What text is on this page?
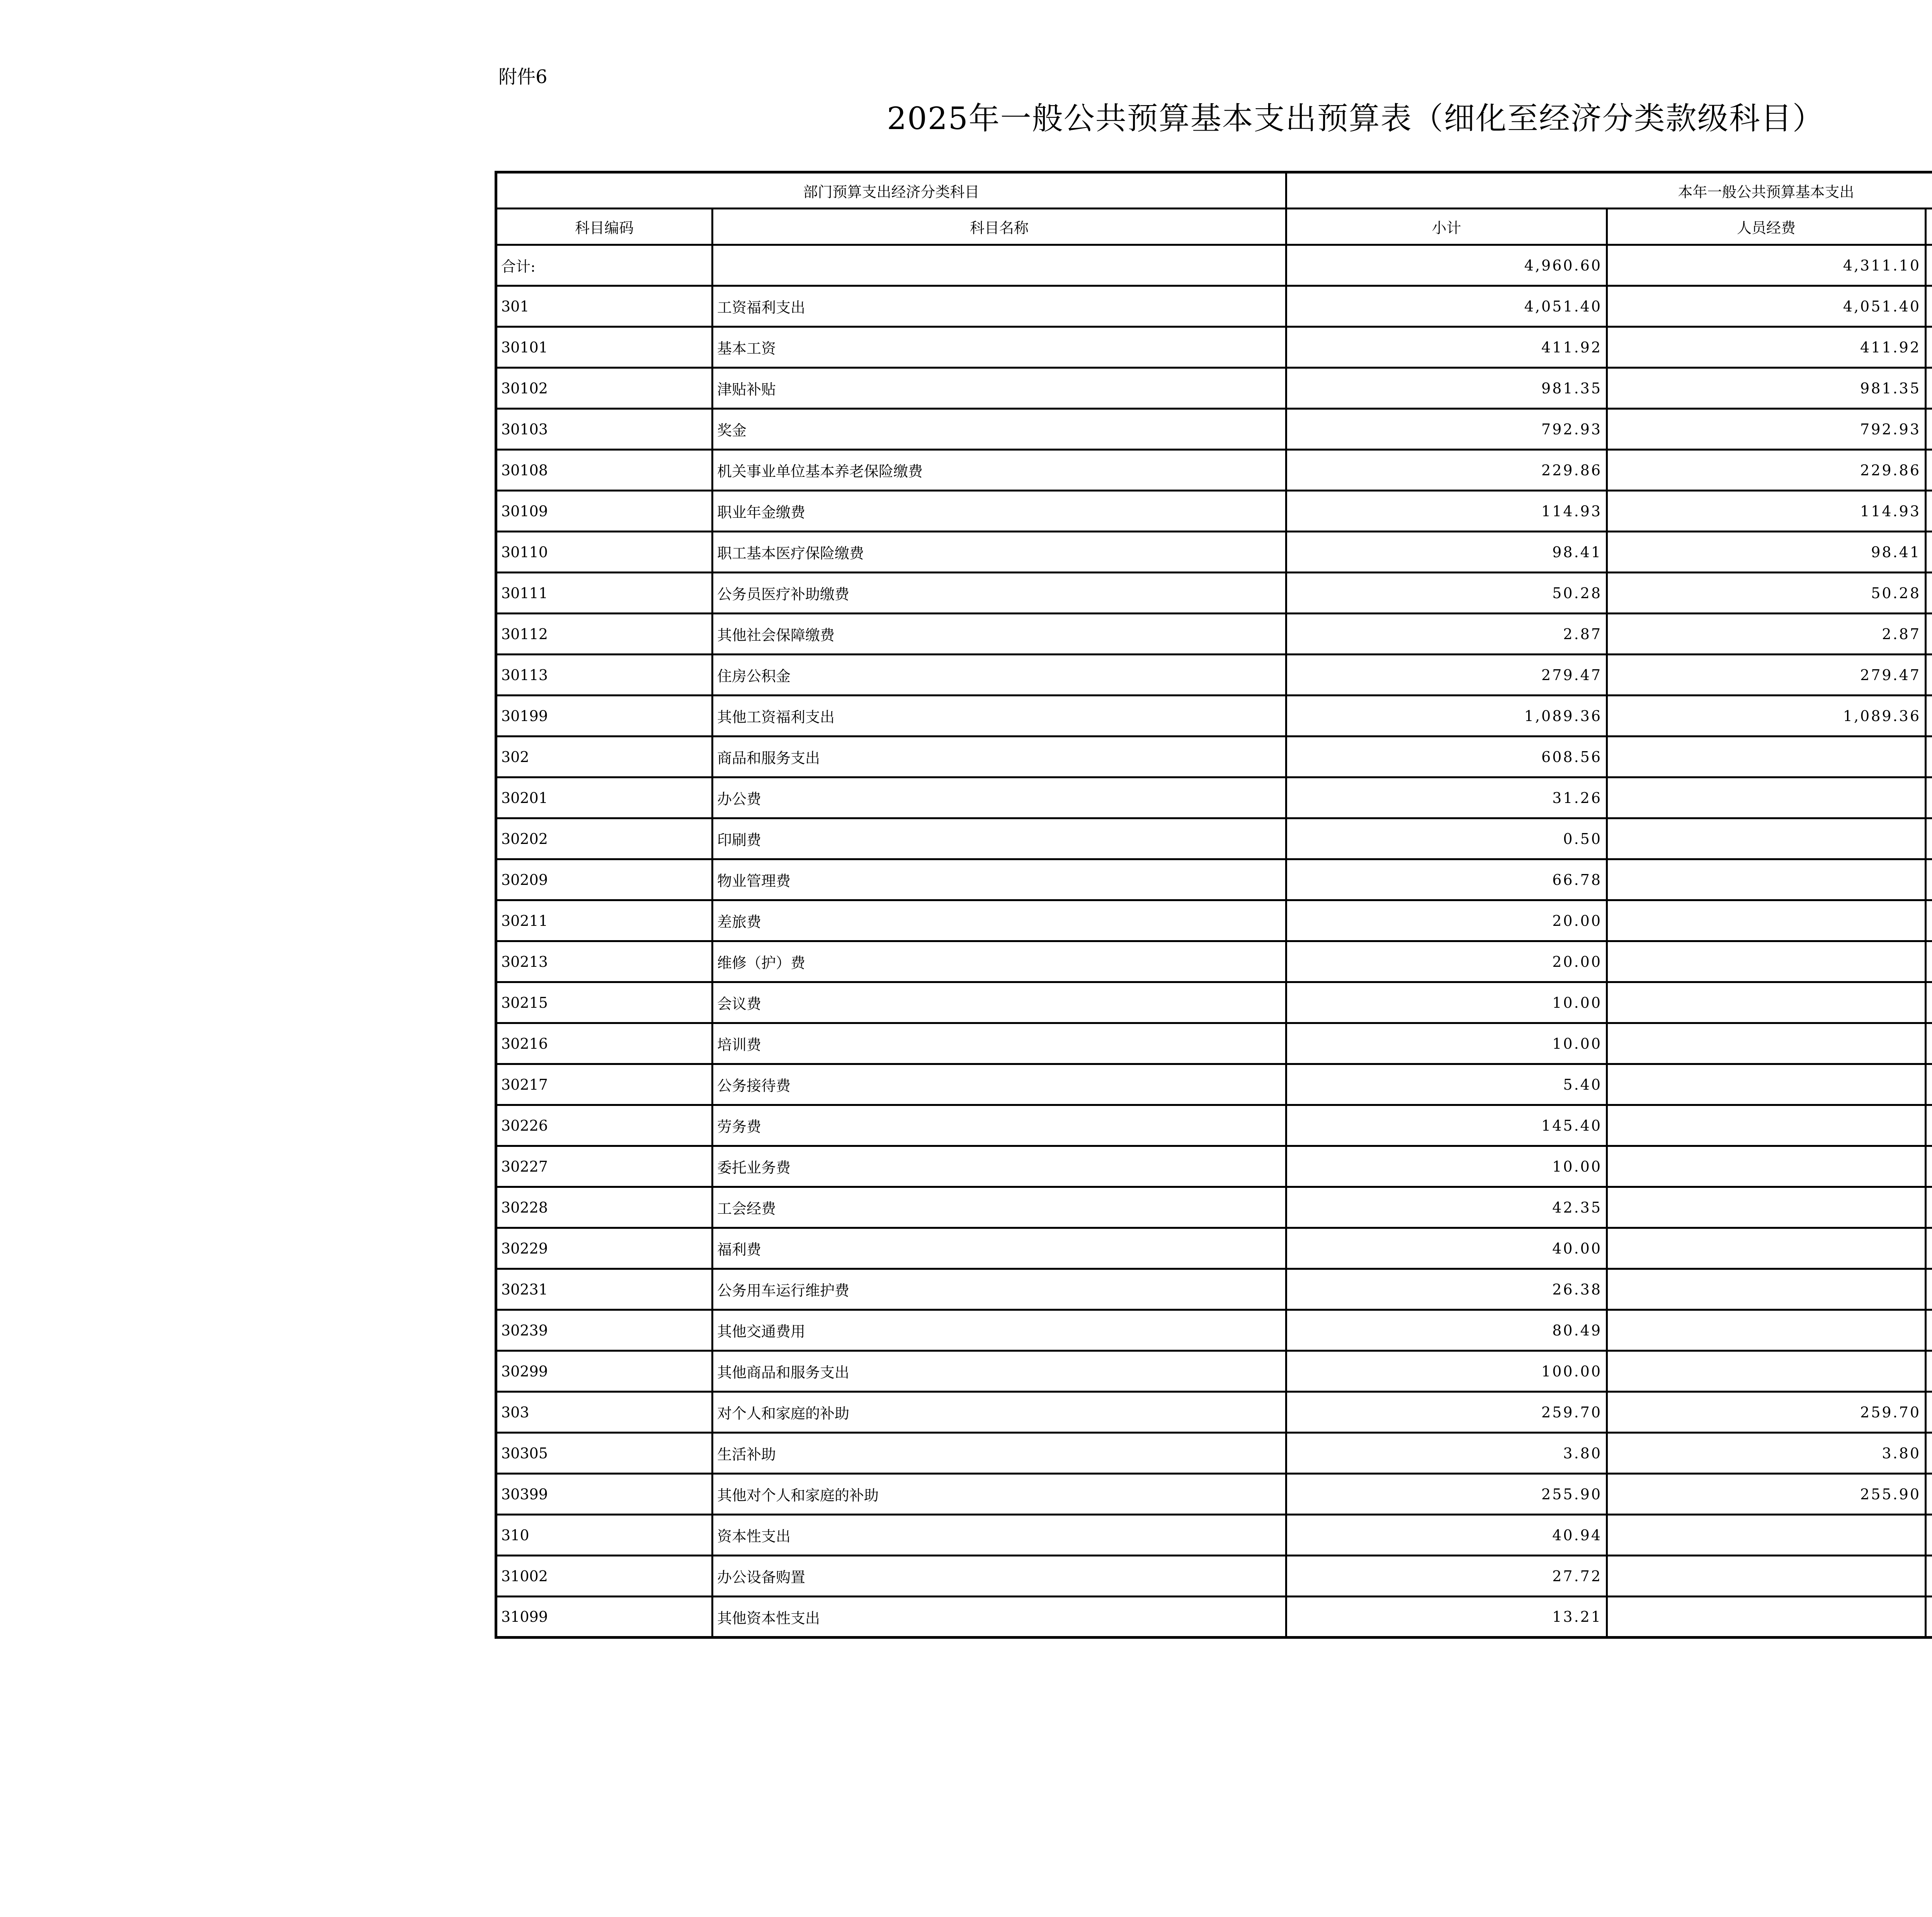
附件6
2025年一般公共预算基本支出预算表（细化至经济分类款级科目）
部门预算支出经济分类科目		本年一般公共预算基本支出		
科目编码	科目名称	小计	人员经费	
合计:		4,960.60	4,311.10	
301	工资福利支出	4,051.40	4,051.40	
30101	基本工资	411.92	411.92	
30102	津贴补贴	981.35	981.35	
30103	奖金	792.93	792.93	
30108	机关事业单位基本养老保险缴费	229.86	229.86	
30109	职业年金缴费	114.93	114.93	
30110	职工基本医疗保险缴费	98.41	98.41	
30111	公务员医疗补助缴费	50.28	50.28	
30112	其他社会保障缴费	2.87	2.87	
30113	住房公积金	279.47	279.47	
30199	其他工资福利支出	1,089.36	1,089.36	
302	商品和服务支出	608.56		
30201	办公费	31.26		
30202	印刷费	0.50		
30209	物业管理费	66.78		
30211	差旅费	20.00		
30213	维修（护）费	20.00		
30215	会议费	10.00		
30216	培训费	10.00		
30217	公务接待费	5.40		
30226	劳务费	145.40		
30227	委托业务费	10.00		
30228	工会经费	42.35		
30229	福利费	40.00		
30231	公务用车运行维护费	26.38		
30239	其他交通费用	80.49		
30299	其他商品和服务支出	100.00		
303	对个人和家庭的补助	259.70	259.70	
30305	生活补助	3.80	3.80	
30399	其他对个人和家庭的补助	255.90	255.90	
310	资本性支出	40.94		
31002	办公设备购置	27.72		
31099	其他资本性支出	13.21		
